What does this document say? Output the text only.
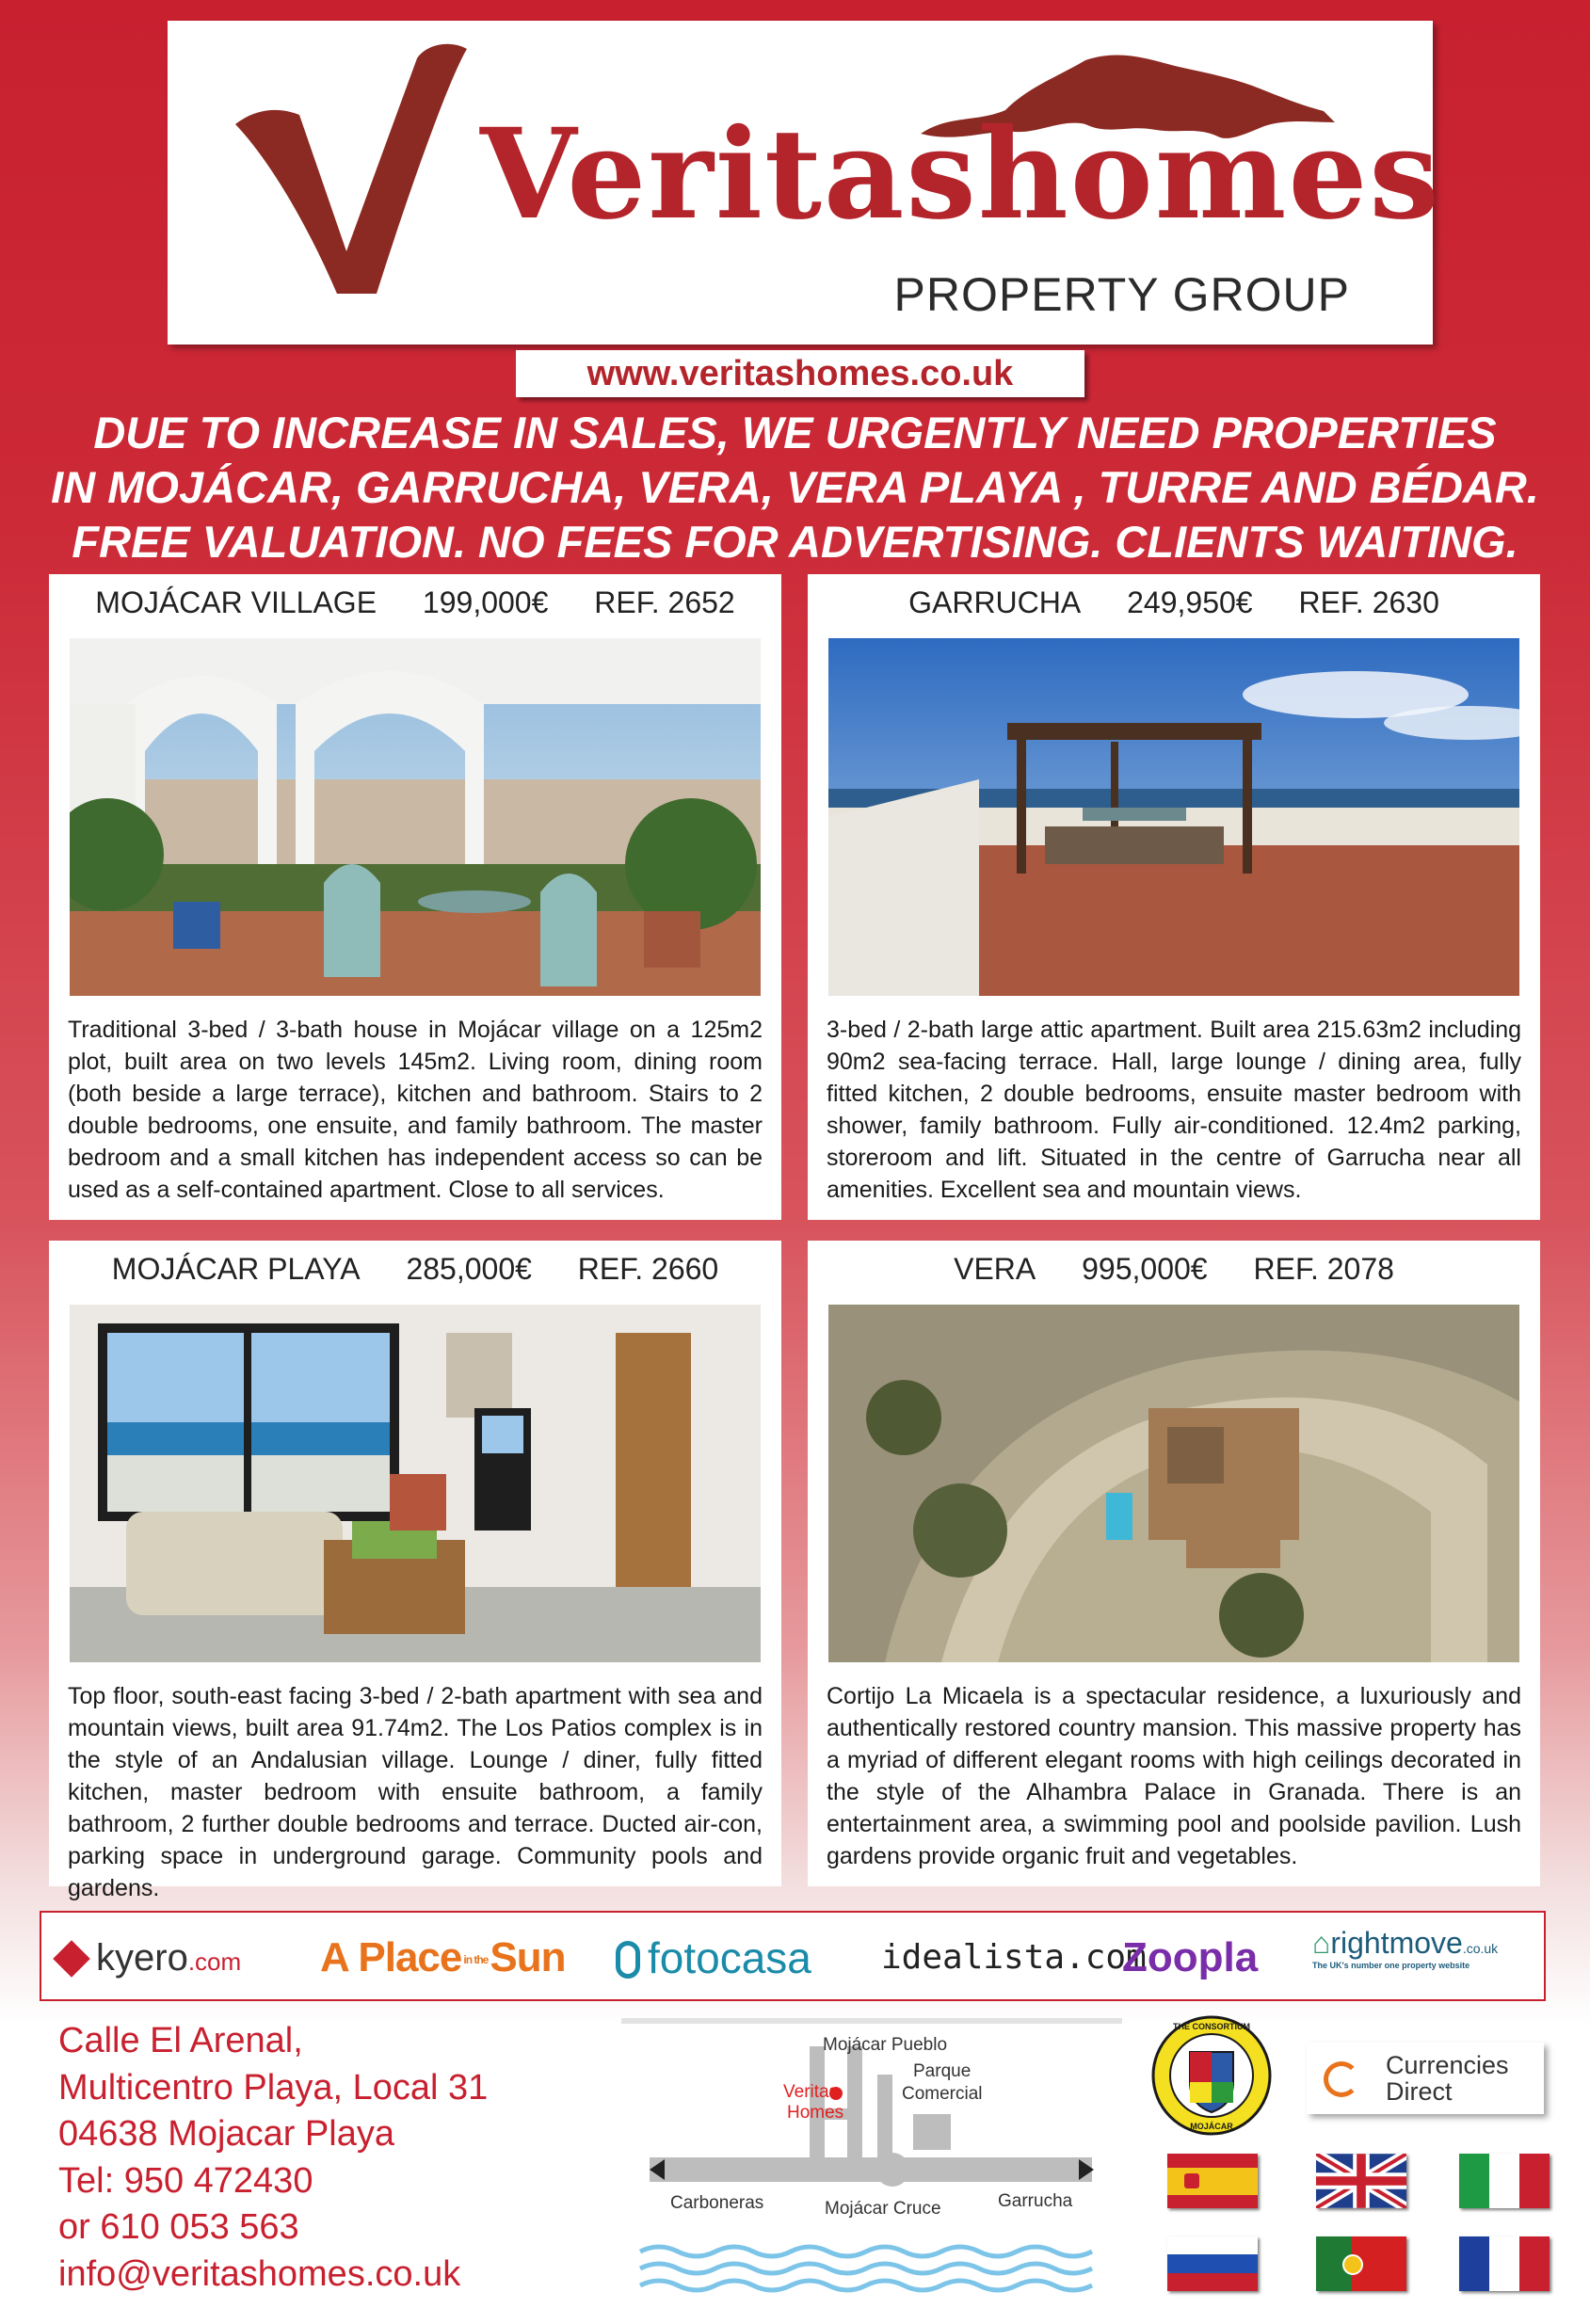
Veritashomes
PROPERTY GROUP
www.veritashomes.co.uk
DUE TO INCREASE IN SALES, WE URGENTLY NEED PROPERTIES
IN MOJÁCAR, GARRUCHA, VERA, VERA PLAYA , TURRE AND BÉDAR.
FREE VALUATION. NO FEES FOR ADVERTISING. CLIENTS WAITING.
MOJÁCAR VILLAGE 199,000€ REF. 2652
Traditional 3-bed / 3-bath house in Mojácar village on a 125m2 plot, built area on two levels 145m2. Living room, dining room (both beside a large terrace), kitchen and bathroom. Stairs to 2 double bedrooms, one ensuite, and family bathroom. The master bedroom and a small kitchen has independent access so can be used as a self-contained apartment. Close to all services.
GARRUCHA 249,950€ REF. 2630
3-bed / 2-bath large attic apartment. Built area 215.63m2 including 90m2 sea-facing terrace. Hall, large lounge / dining area, fully fitted kitchen, 2 double bedrooms, ensuite master bedroom with shower, family bathroom. Fully air-conditioned. 12.4m2 parking, storeroom and lift. Situated in the centre of Garrucha near all amenities. Excellent sea and mountain views.
MOJÁCAR PLAYA 285,000€ REF. 2660
Top floor, south-east facing 3-bed / 2-bath apartment with sea and mountain views, built area 91.74m2. The Los Patios complex is in the style of an Andalusian village. Lounge / diner, fully fitted kitchen, master bedroom with ensuite bathroom, a family bathroom, 2 further double bedrooms and terrace. Ducted air-con, parking space in underground garage. Community pools and gardens.
VERA 995,000€ REF. 2078
Cortijo La Micaela is a spectacular residence, a luxuriously and authentically restored country mansion. This massive property has a myriad of different elegant rooms with high ceilings decorated in the style of the Alhambra Palace in Granada. There is an entertainment area, a swimming pool and poolside pavilion. Lush gardens provide organic fruit and vegetables.
kyero.com A Place in theSun	fotocasa idealista.com
Zoopla ⌂rightmove.co.uk
The UK's number one property website
Calle El Arenal,
Multicentro Playa, Local 31
04638 Mojacar Playa
Tel: 950 472430
or 610 053 563
info@veritashomes.co.uk
Mojácar Pueblo
Parque
Comercial
Veritas
Homes
Carboneras	Mojácar Cruce	Garrucha
THE CONSORTIUM
MOJÁCAR
Currencies
Direct
